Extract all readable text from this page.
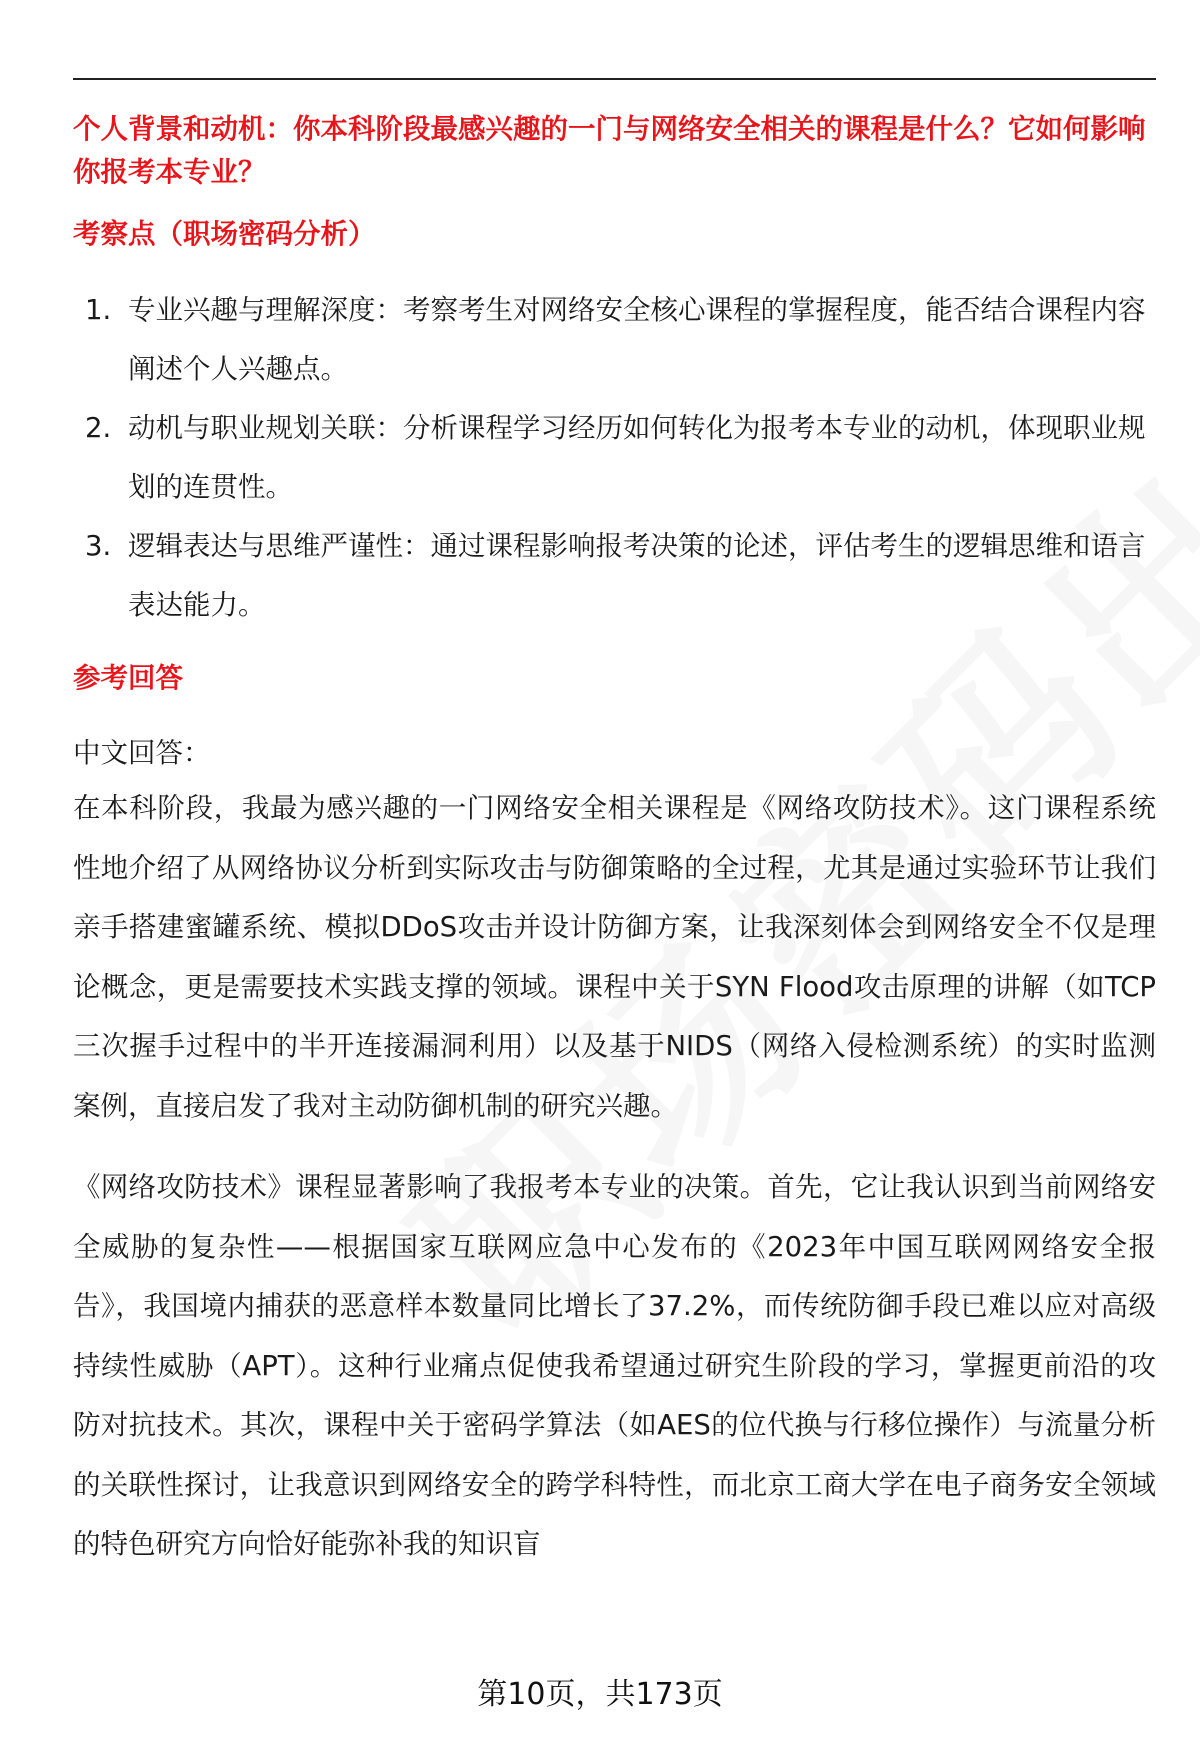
个人背景和动机：你本科阶段最感兴趣的一门与网络安全相关的课程是什么？它如何影响你报考本专业？

考察点（职场密码分析）

1. 专业兴趣与理解深度：考察考生对网络安全核心课程的掌握程度，能否结合课程内容阐述个人兴趣点。
2. 动机与职业规划关联：分析课程学习经历如何转化为报考本专业的动机，体现职业规划的连贯性。
3. 逻辑表达与思维严谨性：通过课程影响报考决策的论述，评估考生的逻辑思维和语言表达能力。

参考回答

中文回答：

在本科阶段，我最为感兴趣的一门网络安全相关课程是《网络攻防技术》。这门课程系统性地介绍了从网络协议分析到实际攻击与防御策略的全过程，尤其是通过实验环节让我们亲手搭建蜜罐系统、模拟DDoS攻击并设计防御方案，让我深刻体会到网络安全不仅是理论概念，更是需要技术实践支撑的领域。课程中关于SYN Flood攻击原理的讲解（如TCP三次握手过程中的半开连接漏洞利用）以及基于NIDS（网络入侵检测系统）的实时监测案例，直接启发了我对主动防御机制的研究兴趣。

《网络攻防技术》课程显著影响了我报考本专业的决策。首先，它让我认识到当前网络安全威胁的复杂性——根据国家互联网应急中心发布的《2023年中国互联网网络安全报告》，我国境内捕获的恶意样本数量同比增长了37.2%，而传统防御手段已难以应对高级持续性威胁（APT）。这种行业痛点促使我希望通过研究生阶段的学习，掌握更前沿的攻防对抗技术。其次，课程中关于密码学算法（如AES的位代换与行移位操作）与流量分析的关联性探讨，让我意识到网络安全的跨学科特性，而北京工商大学在电子商务安全领域的特色研究方向恰好能弥补我的知识盲

第10页，共173页
